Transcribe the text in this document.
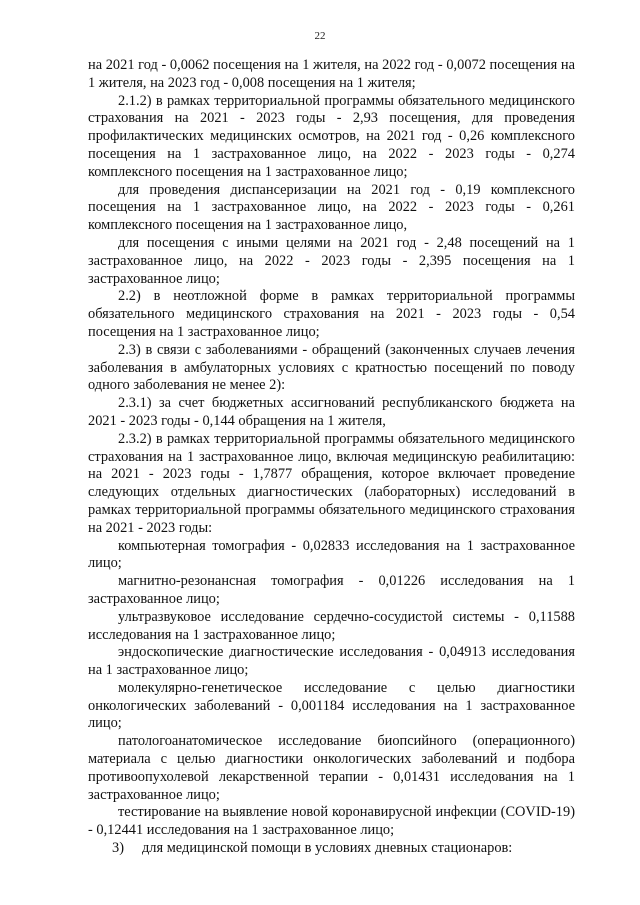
22

на 2021 год - 0,0062 посещения на 1 жителя, на 2022 год - 0,0072 посещения на 1 жителя, на 2023 год - 0,008 посещения на 1 жителя;

2.1.2) в рамках территориальной программы обязательного медицинского страхования на 2021 - 2023 годы - 2,93 посещения, для проведения профилактических медицинских осмотров, на 2021 год - 0,26 комплексного посещения на 1 застрахованное лицо, на 2022 - 2023 годы - 0,274 комплексного посещения на 1 застрахованное лицо;

для проведения диспансеризации на 2021 год - 0,19 комплексного посещения на 1 застрахованное лицо, на 2022 - 2023 годы - 0,261 комплексного посещения на 1 застрахованное лицо,

для посещения с иными целями на 2021 год - 2,48 посещений на 1 застрахованное лицо, на 2022 - 2023 годы - 2,395 посещения на 1 застрахованное лицо;

2.2) в неотложной форме в рамках территориальной программы обязательного медицинского страхования на 2021 - 2023 годы - 0,54 посещения на 1 застрахованное лицо;

2.3) в связи с заболеваниями - обращений (законченных случаев лечения заболевания в амбулаторных условиях с кратностью посещений по поводу одного заболевания не менее 2):

2.3.1) за счет бюджетных ассигнований республиканского бюджета на 2021 - 2023 годы - 0,144 обращения на 1 жителя,

2.3.2) в рамках территориальной программы обязательного медицинского страхования на 1 застрахованное лицо, включая медицинскую реабилитацию: на 2021 - 2023 годы - 1,7877 обращения, которое включает проведение следующих отдельных диагностических (лабораторных) исследований в рамках территориальной программы обязательного медицинского страхования на 2021 - 2023 годы:

компьютерная томография - 0,02833 исследования на 1 застрахованное лицо;

магнитно-резонансная томография - 0,01226 исследования на 1 застрахованное лицо;

ультразвуковое исследование сердечно-сосудистой системы - 0,11588 исследования на 1 застрахованное лицо;

эндоскопические диагностические исследования - 0,04913 исследования на 1 застрахованное лицо;

молекулярно-генетическое исследование с целью диагностики онкологических заболеваний - 0,001184 исследования на 1 застрахованное лицо;

патологоанатомическое исследование биопсийного (операционного) материала с целью диагностики онкологических заболеваний и подбора противоопухолевой лекарственной терапии - 0,01431 исследования на 1 застрахованное лицо;

тестирование на выявление новой коронавирусной инфекции (COVID-19) - 0,12441 исследования на 1 застрахованное лицо;

3)  для медицинской помощи в условиях дневных стационаров:
